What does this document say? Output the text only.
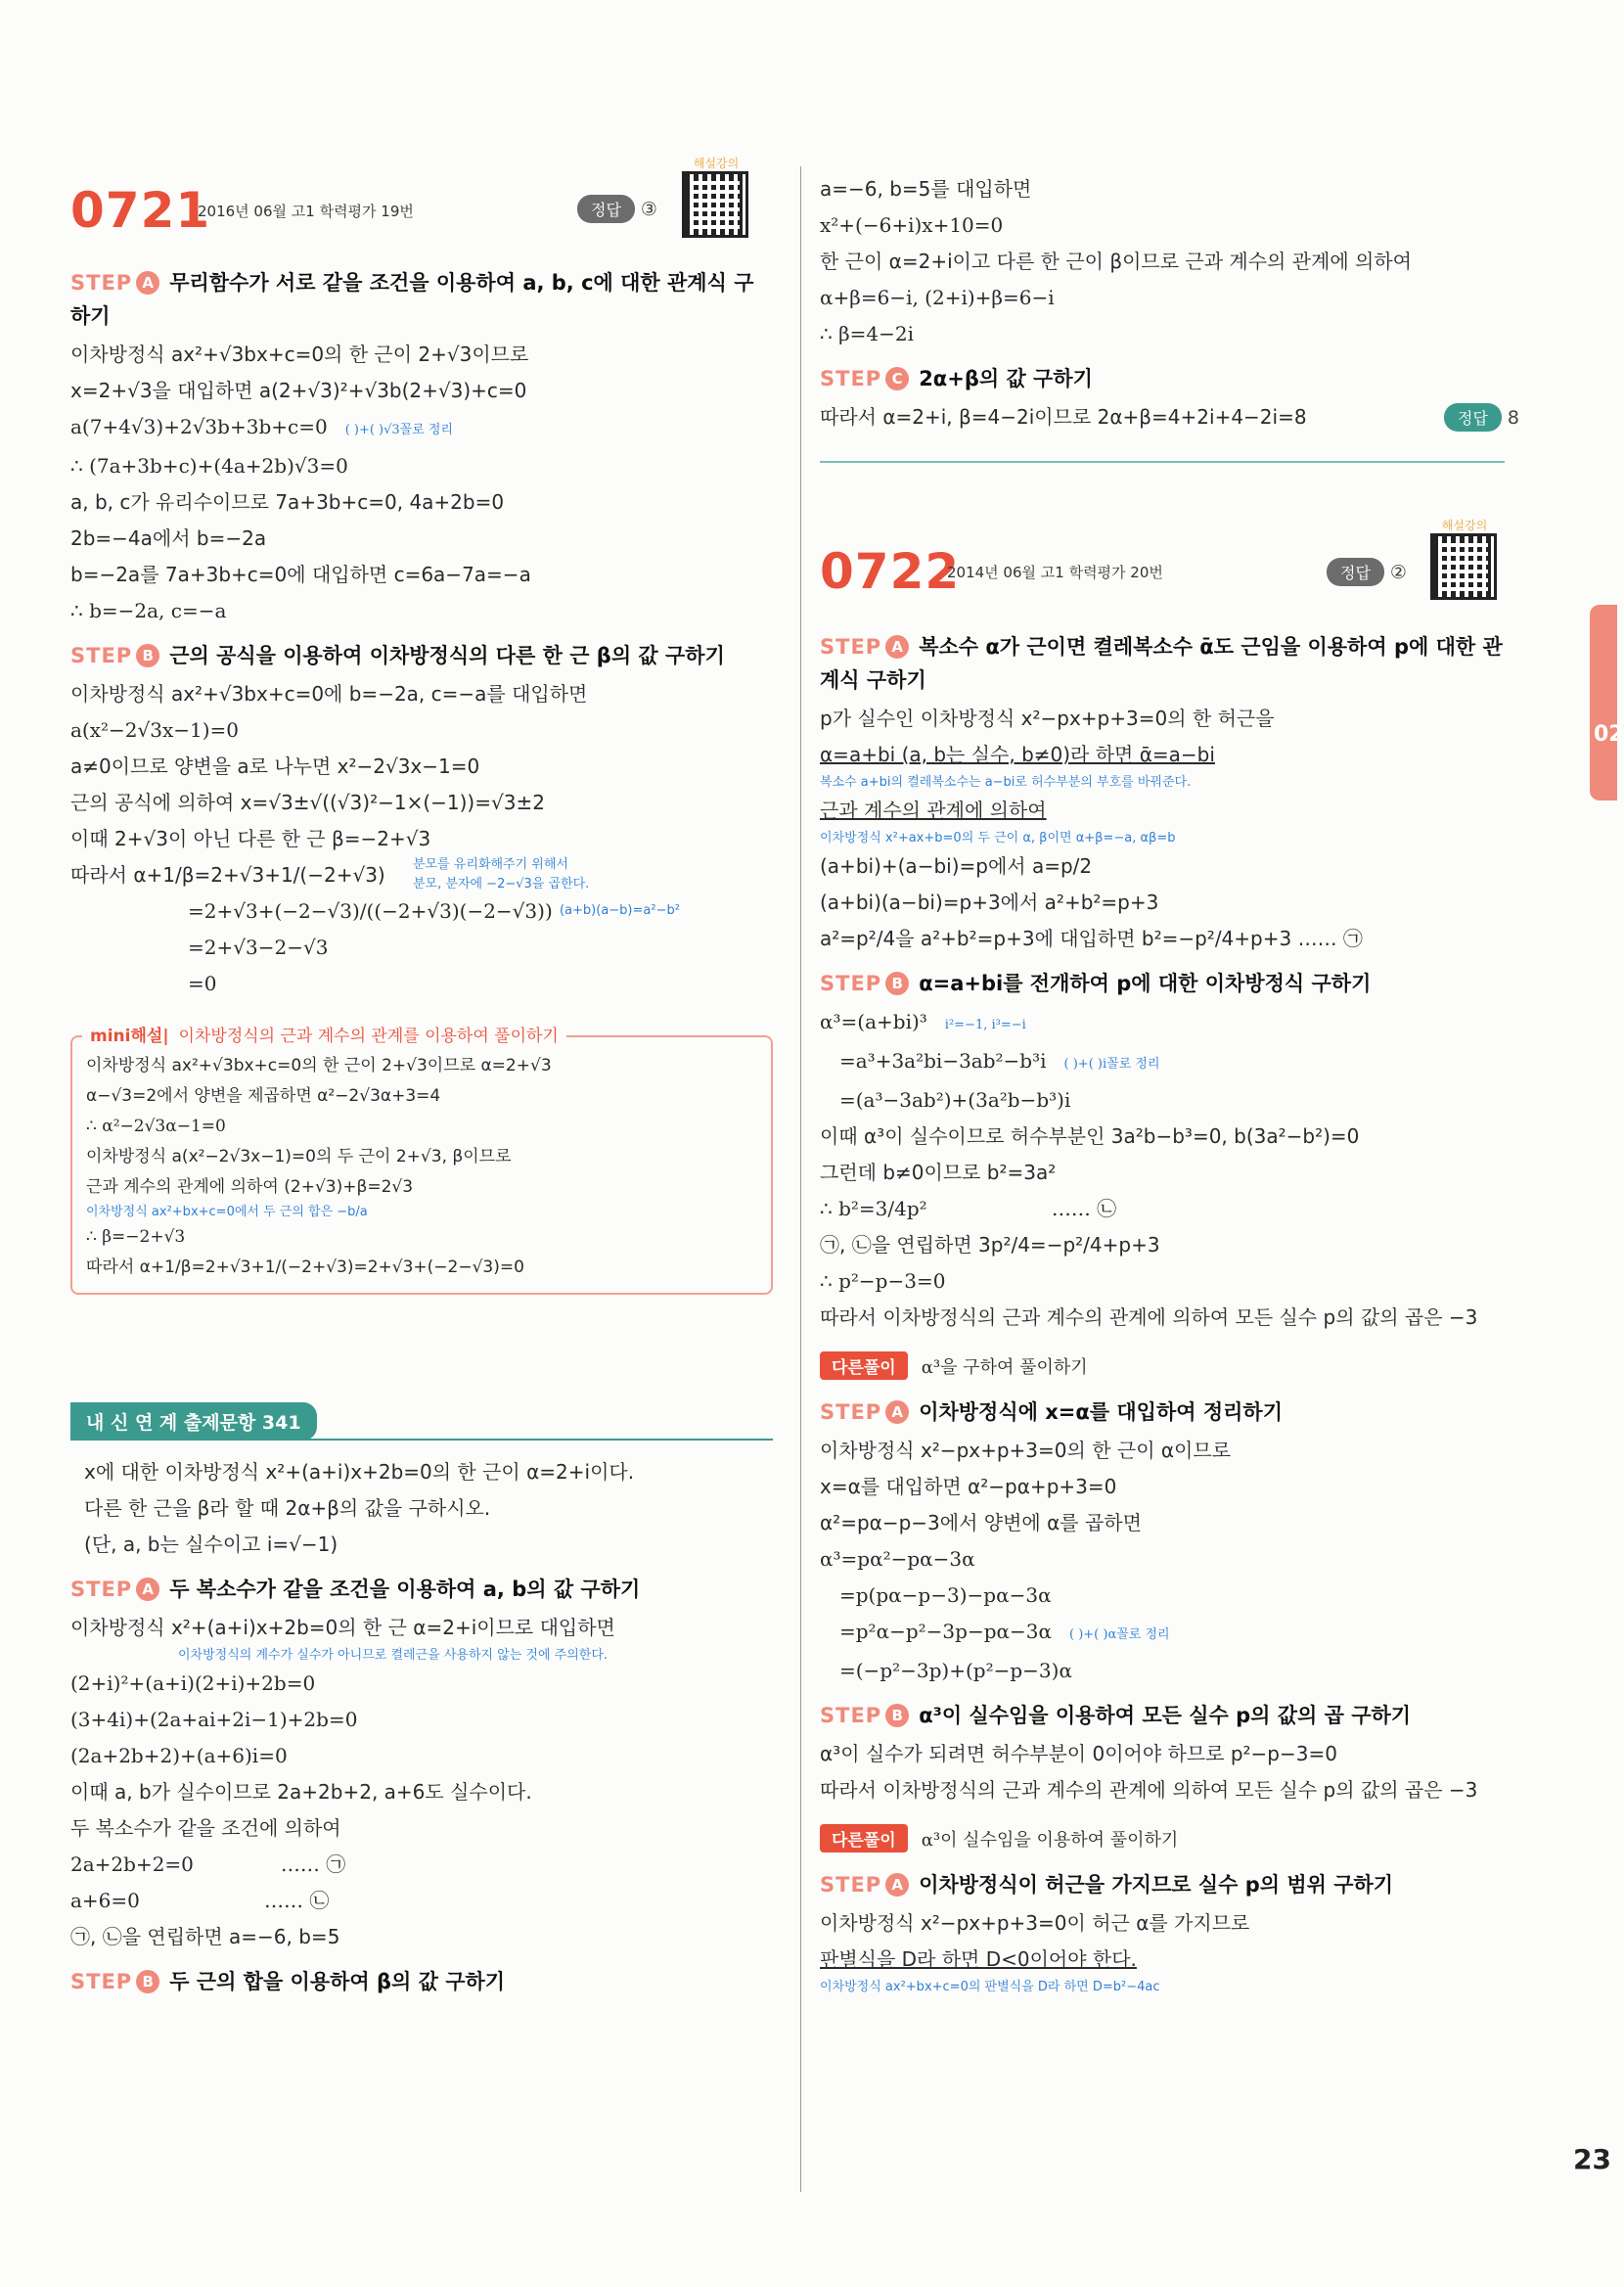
0721
2016년 06월 고1 학력평가 19번	정답 ③
해설강의
STEP A 무리함수가 서로 같을 조건을 이용하여 a, b, c에 대한 관계식 구하기
이차방정식 ax²+√3bx+c=0의 한 근이 2+√3이므로
x=2+√3을 대입하면 a(2+√3)²+√3b(2+√3)+c=0
a(7+4√3)+2√3b+3b+c=0 ( )+( )√3꼴로 정리
∴ (7a+3b+c)+(4a+2b)√3=0
a, b, c가 유리수이므로 7a+3b+c=0, 4a+2b=0
2b=−4a에서 b=−2a
b=−2a를 7a+3b+c=0에 대입하면 c=6a−7a=−a
∴ b=−2a, c=−a
STEP B 근의 공식을 이용하여 이차방정식의 다른 한 근 β의 값 구하기
이차방정식 ax²+√3bx+c=0에 b=−2a, c=−a를 대입하면
a(x²−2√3x−1)=0
a≠0이므로 양변을 a로 나누면 x²−2√3x−1=0
근의 공식에 의하여 x=√3±√((√3)²−1×(−1))=√3±2
이때 2+√3이 아닌 다른 한 근 β=−2+√3
따라서 α+1/β=2+√3+1/(−2+√3)	분모를 유리화해주기 위해서
분모, 분자에 −2−√3을 곱한다.
=2+√3+(−2−√3)/((−2+√3)(−2−√3)) (a+b)(a−b)=a²−b²
=2+√3−2−√3
=0
mini해설| 이차방정식의 근과 계수의 관계를 이용하여 풀이하기
이차방정식 ax²+√3bx+c=0의 한 근이 2+√3이므로 α=2+√3
α−√3=2에서 양변을 제곱하면 α²−2√3α+3=4
∴ α²−2√3α−1=0
이차방정식 a(x²−2√3x−1)=0의 두 근이 2+√3, β이므로
근과 계수의 관계에 의하여 (2+√3)+β=2√3
이차방정식 ax²+bx+c=0에서 두 근의 합은 −b/a
∴ β=−2+√3
따라서 α+1/β=2+√3+1/(−2+√3)=2+√3+(−2−√3)=0
내 신 연 계 출제문항 341
x에 대한 이차방정식 x²+(a+i)x+2b=0의 한 근이 α=2+i이다.
다른 한 근을 β라 할 때 2α+β의 값을 구하시오.
(단, a, b는 실수이고 i=√−1)
STEP A 두 복소수가 같을 조건을 이용하여 a, b의 값 구하기
이차방정식 x²+(a+i)x+2b=0의 한 근 α=2+i이므로 대입하면
이차방정식의 계수가 실수가 아니므로 켤레근을 사용하지 않는 것에 주의한다.
(2+i)²+(a+i)(2+i)+2b=0
(3+4i)+(2a+ai+2i−1)+2b=0
(2a+2b+2)+(a+6)i=0
이때 a, b가 실수이므로 2a+2b+2, a+6도 실수이다.
두 복소수가 같을 조건에 의하여
2a+2b+2=0              …… ㉠
a+6=0                    …… ㉡
㉠, ㉡을 연립하면 a=−6, b=5
STEP B 두 근의 합을 이용하여 β의 값 구하기
a=−6, b=5를 대입하면
x²+(−6+i)x+10=0
한 근이 α=2+i이고 다른 한 근이 β이므로 근과 계수의 관계에 의하여
α+β=6−i, (2+i)+β=6−i
∴ β=4−2i
STEP C 2α+β의 값 구하기
따라서 α=2+i, β=4−2i이므로 2α+β=4+2i+4−2i=8	정답 8
0722
2014년 06월 고1 학력평가 20번	정답 ②
해설강의
STEP A 복소수 α가 근이면 켤레복소수 ᾱ도 근임을 이용하여 p에 대한 관계식 구하기
p가 실수인 이차방정식 x²−px+p+3=0의 한 허근을
α=a+bi (a, b는 실수, b≠0)라 하면 ᾱ=a−bi
복소수 a+bi의 켤레복소수는 a−bi로 허수부분의 부호를 바꿔준다.
근과 계수의 관계에 의하여
이차방정식 x²+ax+b=0의 두 근이 α, β이면 α+β=−a, αβ=b
(a+bi)+(a−bi)=p에서 a=p/2
(a+bi)(a−bi)=p+3에서 a²+b²=p+3
a²=p²/4을 a²+b²=p+3에 대입하면 b²=−p²/4+p+3 …… ㉠
STEP B α=a+bi를 전개하여 p에 대한 이차방정식 구하기
α³=(a+bi)³ i²=−1, i³=−i
=a³+3a²bi−3ab²−b³i ( )+( )i꼴로 정리
=(a³−3ab²)+(3a²b−b³)i
이때 α³이 실수이므로 허수부분인 3a²b−b³=0, b(3a²−b²)=0
그런데 b≠0이므로 b²=3a²
∴ b²=3/4p²                    …… ㉡
㉠, ㉡을 연립하면 3p²/4=−p²/4+p+3
∴ p²−p−3=0
따라서 이차방정식의 근과 계수의 관계에 의하여 모든 실수 p의 값의 곱은 −3
다른풀이 α³을 구하여 풀이하기
STEP A 이차방정식에 x=α를 대입하여 정리하기
이차방정식 x²−px+p+3=0의 한 근이 α이므로
x=α를 대입하면 α²−pα+p+3=0
α²=pα−p−3에서 양변에 α를 곱하면
α³=pα²−pα−3α
=p(pα−p−3)−pα−3α
=p²α−p²−3p−pα−3α ( )+( )α꼴로 정리
=(−p²−3p)+(p²−p−3)α
STEP B α³이 실수임을 이용하여 모든 실수 p의 값의 곱 구하기
α³이 실수가 되려면 허수부분이 0이어야 하므로 p²−p−3=0
따라서 이차방정식의 근과 계수의 관계에 의하여 모든 실수 p의 값의 곱은 −3
다른풀이 α³이 실수임을 이용하여 풀이하기
STEP A 이차방정식이 허근을 가지므로 실수 p의 범위 구하기
이차방정식 x²−px+p+3=0이 허근 α를 가지므로
판별식을 D라 하면 D<0이어야 한다.
이차방정식 ax²+bx+c=0의 판별식을 D라 하면 D=b²−4ac
02
23
